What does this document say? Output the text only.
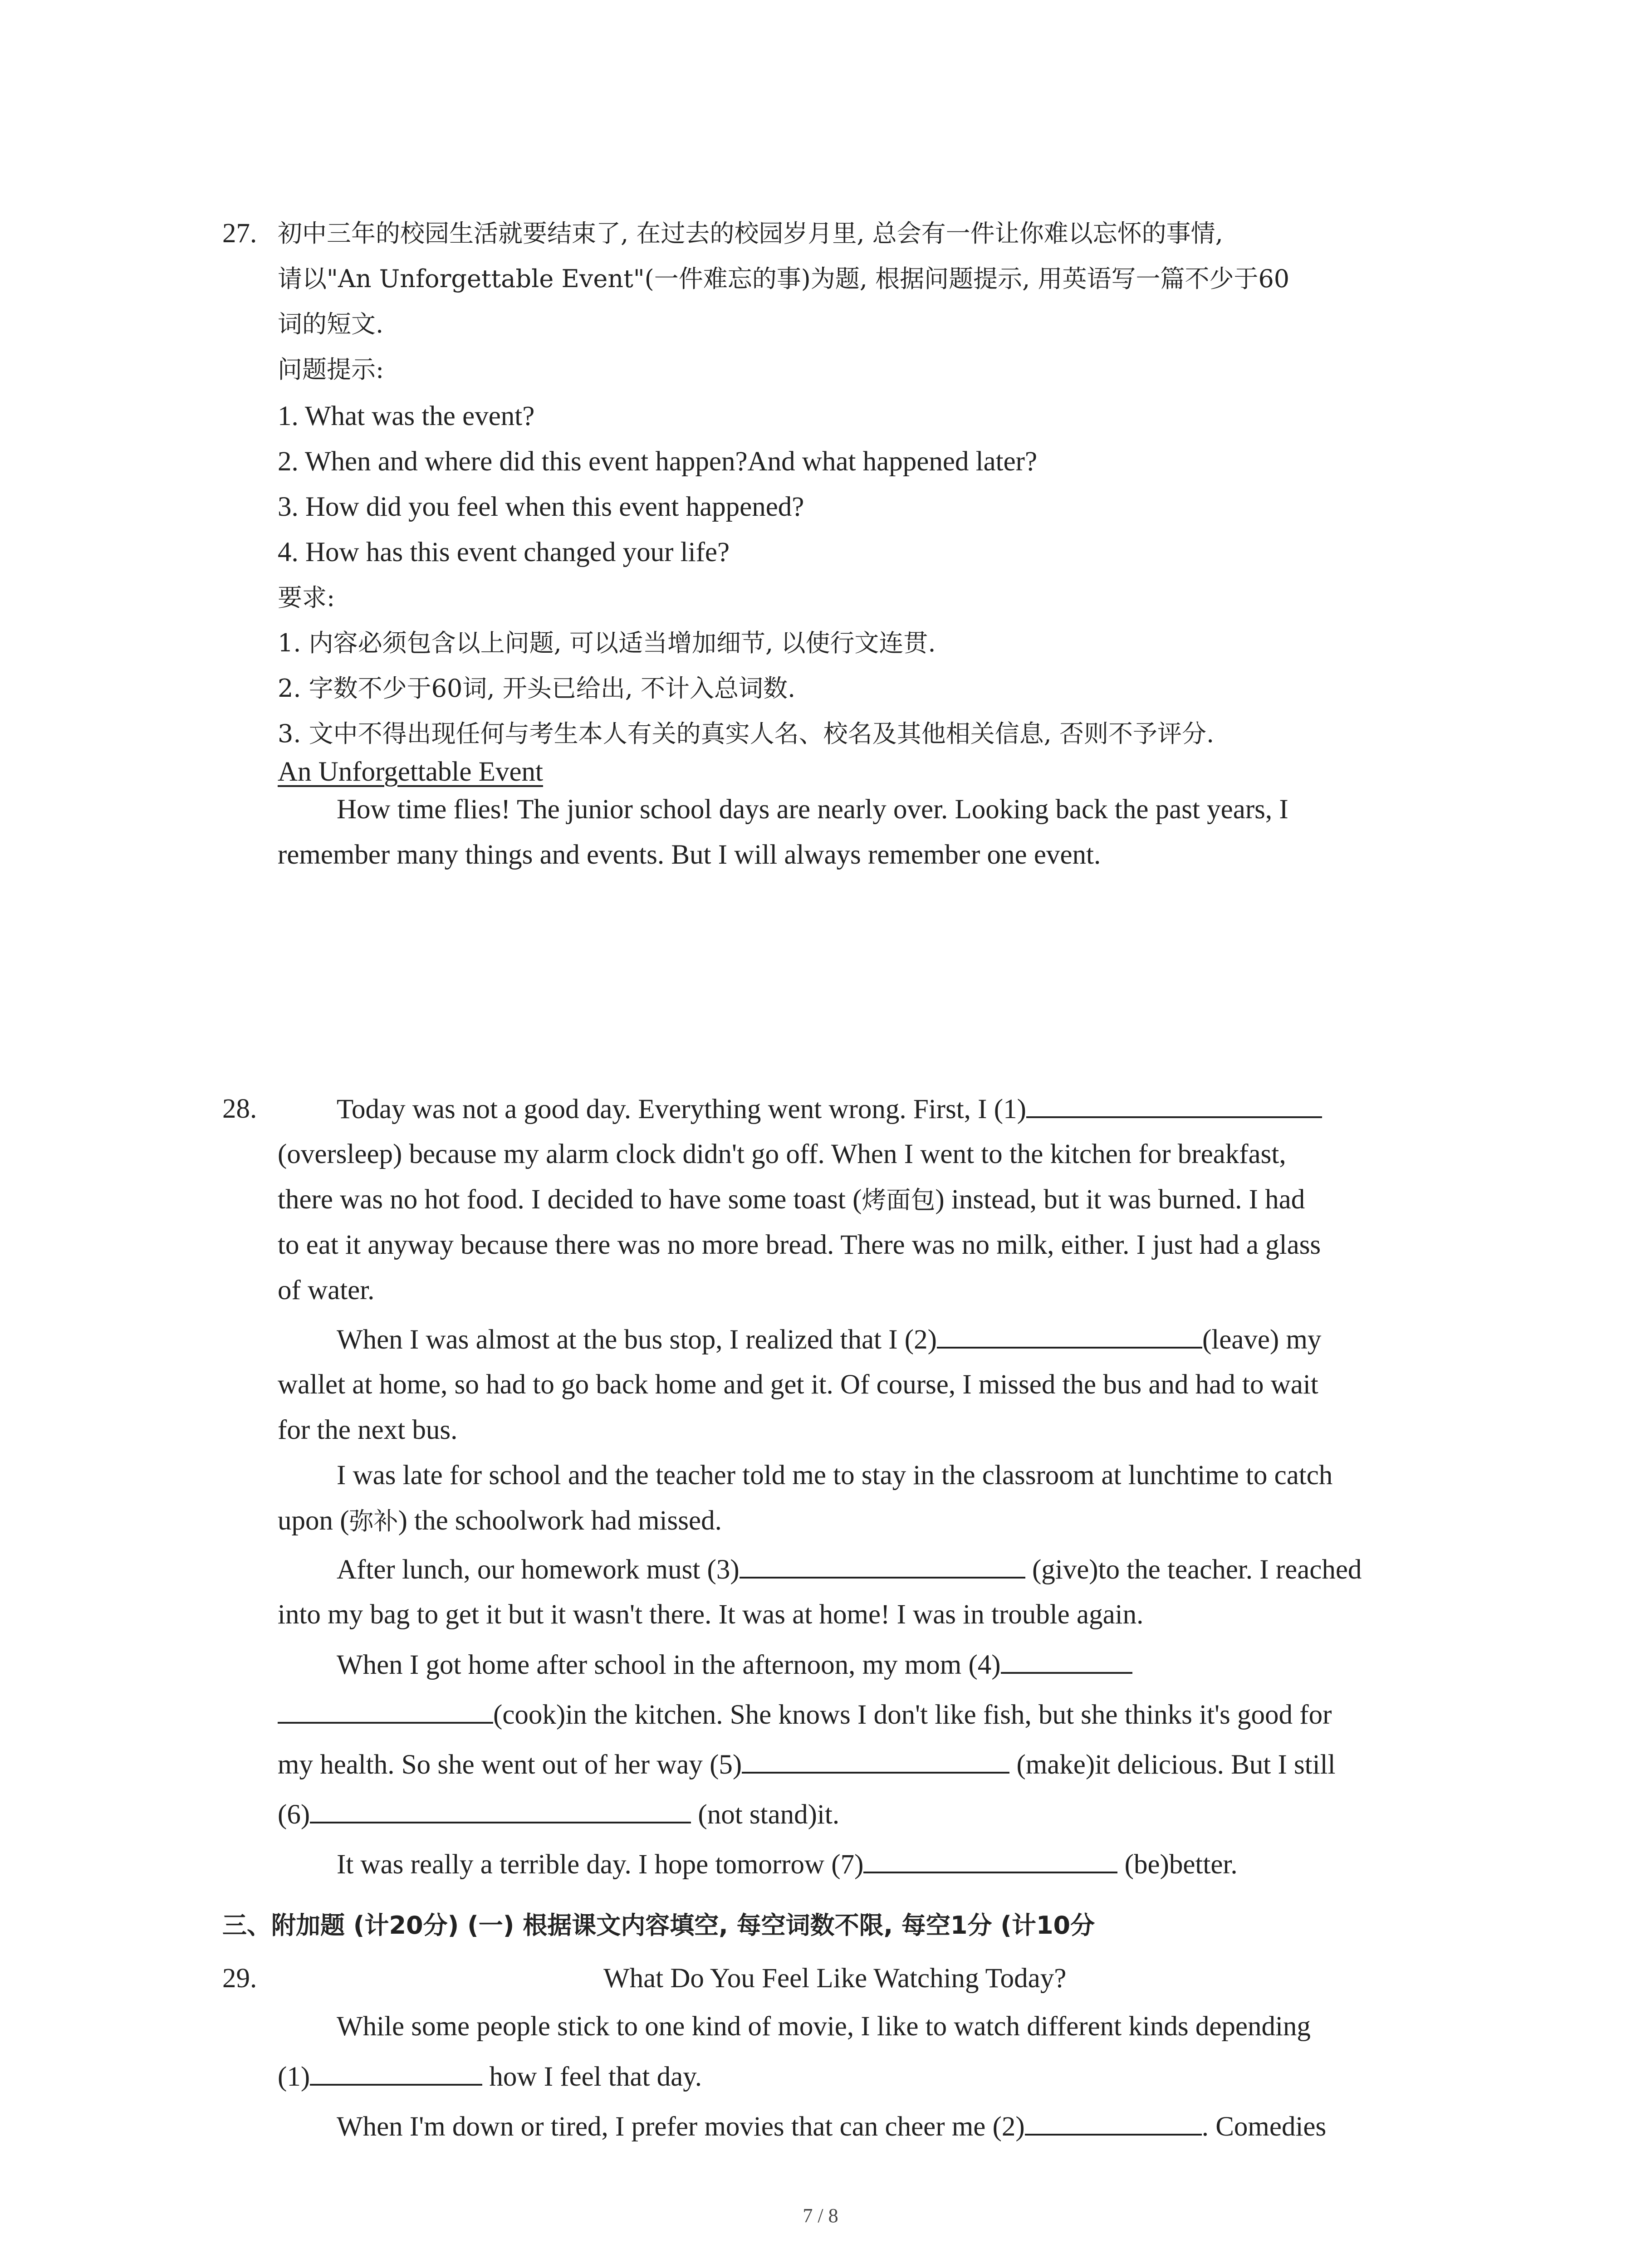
27. 初中三年的校园生活就要结束了, 在过去的校园岁月里, 总会有一件让你难以忘怀的事情,
请以"An Unforgettable Event"(一件难忘的事)为题, 根据问题提示, 用英语写一篇不少于60
词的短文.
问题提示:
1. What was the event?
2. When and where did this event happen?And what happened later?
3. How did you feel when this event happened?
4. How has this event changed your life?
要求:
1. 内容必须包含以上问题, 可以适当增加细节, 以使行文连贯.
2. 字数不少于60词, 开头已给出, 不计入总词数.
3. 文中不得出现任何与考生本人有关的真实人名、校名及其他相关信息, 否则不予评分.
An Unforgettable Event
How time flies! The junior school days are nearly over. Looking back the past years, I
remember many things and events. But I will always remember one event.
28.	Today was not a good day. Everything went wrong. First, I (1)
(oversleep) because my alarm clock didn't go off. When I went to the kitchen for breakfast,
there was no hot food. I decided to have some toast (烤面包) instead, but it was burned. I had
to eat it anyway because there was no more bread. There was no milk, either. I just had a glass
of water.
When I was almost at the bus stop, I realized that I (2)	(leave) my
wallet at home, so had to go back home and get it. Of course, I missed the bus and had to wait
for the next bus.
I was late for school and the teacher told me to stay in the classroom at lunchtime to catch
upon (弥补) the schoolwork had missed.
After lunch, our homework must (3)	(give)to the teacher. I reached
into my bag to get it but it wasn't there. It was at home! I was in trouble again.
When I got home after school in the afternoon, my mom (4)
(cook)in the kitchen. She knows I don't like fish, but she thinks it's good for
my health. So she went out of her way (5)	(make)it delicious. But I still
(6)	(not stand)it.
It was really a terrible day. I hope tomorrow (7)	(be)better.
三、附加题 (计20分) (一) 根据课文内容填空, 每空词数不限, 每空1分 (计10分
29.	What Do You Feel Like Watching Today?
While some people stick to one kind of movie, I like to watch different kinds depending
(1)	how I feel that day.
When I'm down or tired, I prefer movies that can cheer me (2)	. Comedies
7 / 8
